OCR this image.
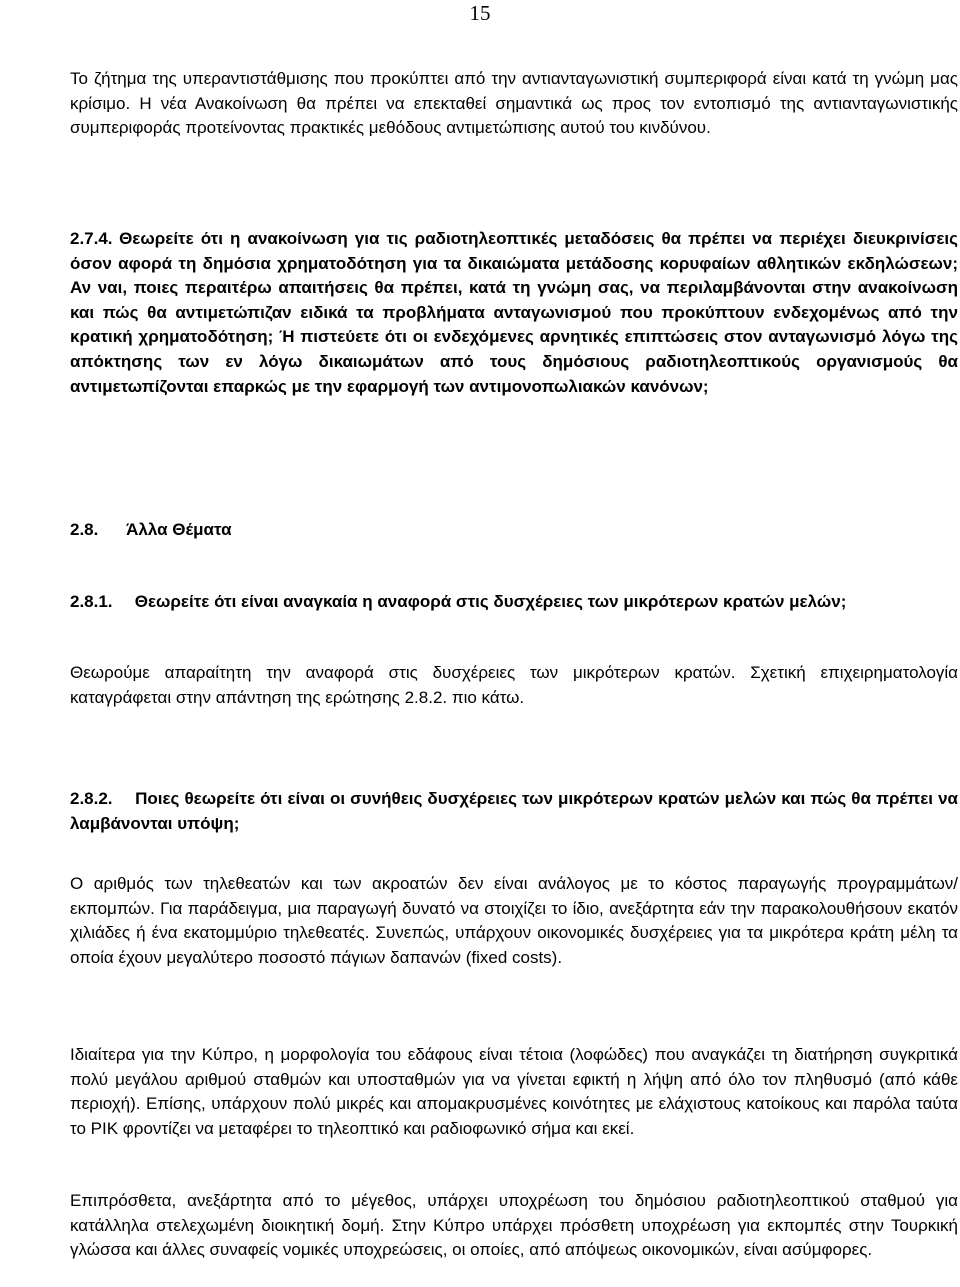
15
Το ζήτημα της υπεραντιστάθμισης που προκύπτει από την αντιανταγωνιστική συμπεριφορά είναι κατά τη γνώμη μας κρίσιμο. Η νέα Ανακοίνωση θα πρέπει να επεκταθεί σημαντικά ως προς τον εντοπισμό της αντιανταγωνιστικής συμπεριφοράς προτείνοντας πρακτικές μεθόδους αντιμετώπισης αυτού του κινδύνου.
2.7.4. Θεωρείτε ότι η ανακοίνωση για τις ραδιοτηλεοπτικές μεταδόσεις θα πρέπει να περιέχει διευκρινίσεις όσον αφορά τη δημόσια χρηματοδότηση για τα δικαιώματα μετάδοσης κορυφαίων αθλητικών εκδηλώσεων; Αν ναι, ποιες περαιτέρω απαιτήσεις θα πρέπει, κατά τη γνώμη σας, να περιλαμβάνονται στην ανακοίνωση και πώς θα αντιμετώπιζαν ειδικά τα προβλήματα ανταγωνισμού που προκύπτουν ενδεχομένως από την κρατική χρηματοδότηση; Ή πιστεύετε ότι οι ενδεχόμενες αρνητικές επιπτώσεις στον ανταγωνισμό λόγω της απόκτησης των εν λόγω δικαιωμάτων από τους δημόσιους ραδιοτηλεοπτικούς οργανισμούς θα αντιμετωπίζονται επαρκώς με την εφαρμογή των αντιμονοπωλιακών κανόνων;
2.8. Άλλα Θέματα
2.8.1. Θεωρείτε ότι είναι αναγκαία η αναφορά στις δυσχέρειες των μικρότερων κρατών μελών;
Θεωρούμε απαραίτητη την αναφορά στις δυσχέρειες των μικρότερων κρατών. Σχετική επιχειρηματολογία καταγράφεται στην απάντηση της ερώτησης 2.8.2. πιο κάτω.
2.8.2. Ποιες θεωρείτε ότι είναι οι συνήθεις δυσχέρειες των μικρότερων κρατών μελών και πώς θα πρέπει να λαμβάνονται υπόψη;
Ο αριθμός των τηλεθεατών και των ακροατών δεν είναι ανάλογος με το κόστος παραγωγής προγραμμάτων/εκπομπών. Για παράδειγμα, μια παραγωγή δυνατό να στοιχίζει το ίδιο, ανεξάρτητα εάν την παρακολουθήσουν εκατόν χιλιάδες ή ένα εκατομμύριο τηλεθεατές. Συνεπώς, υπάρχουν οικονομικές δυσχέρειες για τα μικρότερα κράτη μέλη τα οποία έχουν μεγαλύτερο ποσοστό πάγιων δαπανών (fixed costs).
Ιδιαίτερα για την Κύπρο, η μορφολογία του εδάφους είναι τέτοια (λοφώδες) που αναγκάζει τη διατήρηση συγκριτικά πολύ μεγάλου αριθμού σταθμών και υποσταθμών για να γίνεται εφικτή η λήψη από όλο τον πληθυσμό (από κάθε περιοχή). Επίσης, υπάρχουν πολύ μικρές και απομακρυσμένες κοινότητες με ελάχιστους κατοίκους και παρόλα ταύτα το ΡΙΚ φροντίζει να μεταφέρει το τηλεοπτικό και ραδιοφωνικό σήμα και εκεί.
Επιπρόσθετα, ανεξάρτητα από το μέγεθος, υπάρχει υποχρέωση του δημόσιου ραδιοτηλεοπτικού σταθμού για κατάλληλα στελεχωμένη διοικητική δομή. Στην Κύπρο υπάρχει πρόσθετη υποχρέωση για εκπομπές στην Τουρκική γλώσσα και άλλες συναφείς νομικές υποχρεώσεις, οι οποίες, από απόψεως οικονομικών, είναι ασύμφορες.
